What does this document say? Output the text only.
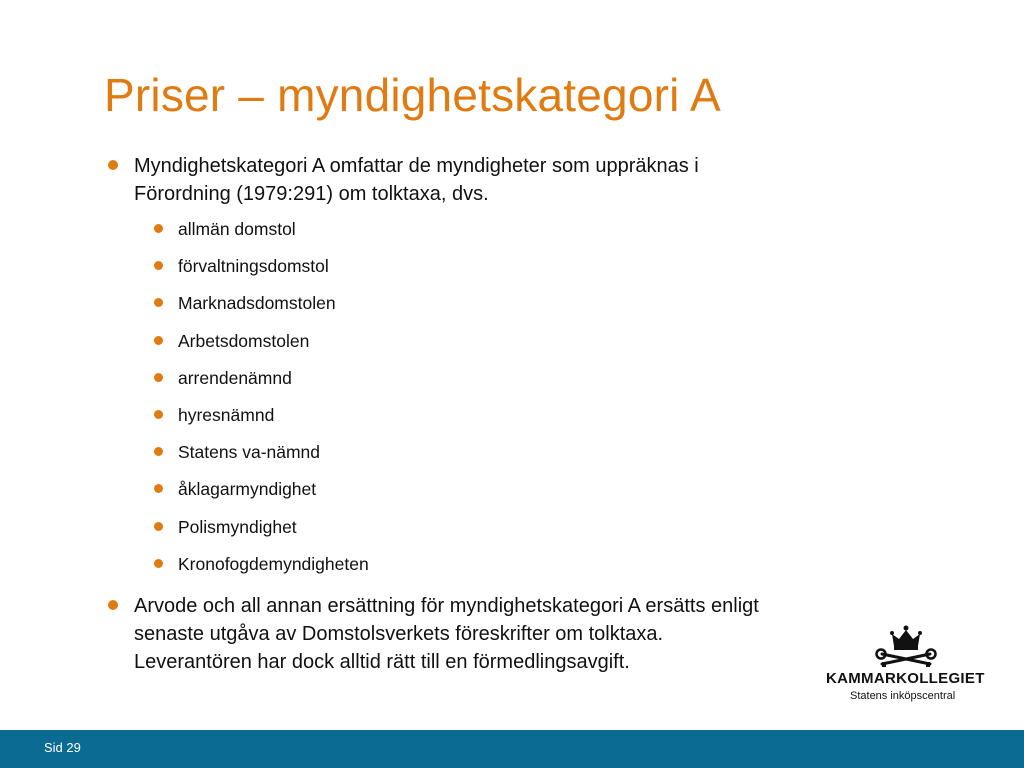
Priser – myndighetskategori A
Myndighetskategori A omfattar de myndigheter som uppräknas i
Förordning (1979:291) om tolktaxa, dvs.
allmän domstol
förvaltningsdomstol
Marknadsdomstolen
Arbetsdomstolen
arrendenämnd
hyresnämnd
Statens va-nämnd
åklagarmyndighet
Polismyndighet
Kronofogdemyndigheten
Arvode och all annan ersättning för myndighetskategori A ersätts enligt
senaste utgåva av Domstolsverkets föreskrifter om tolktaxa.
Leverantören har dock alltid rätt till en förmedlingsavgift.
KAMMARKOLLEGIET
Statens inköpscentral
Sid 29
